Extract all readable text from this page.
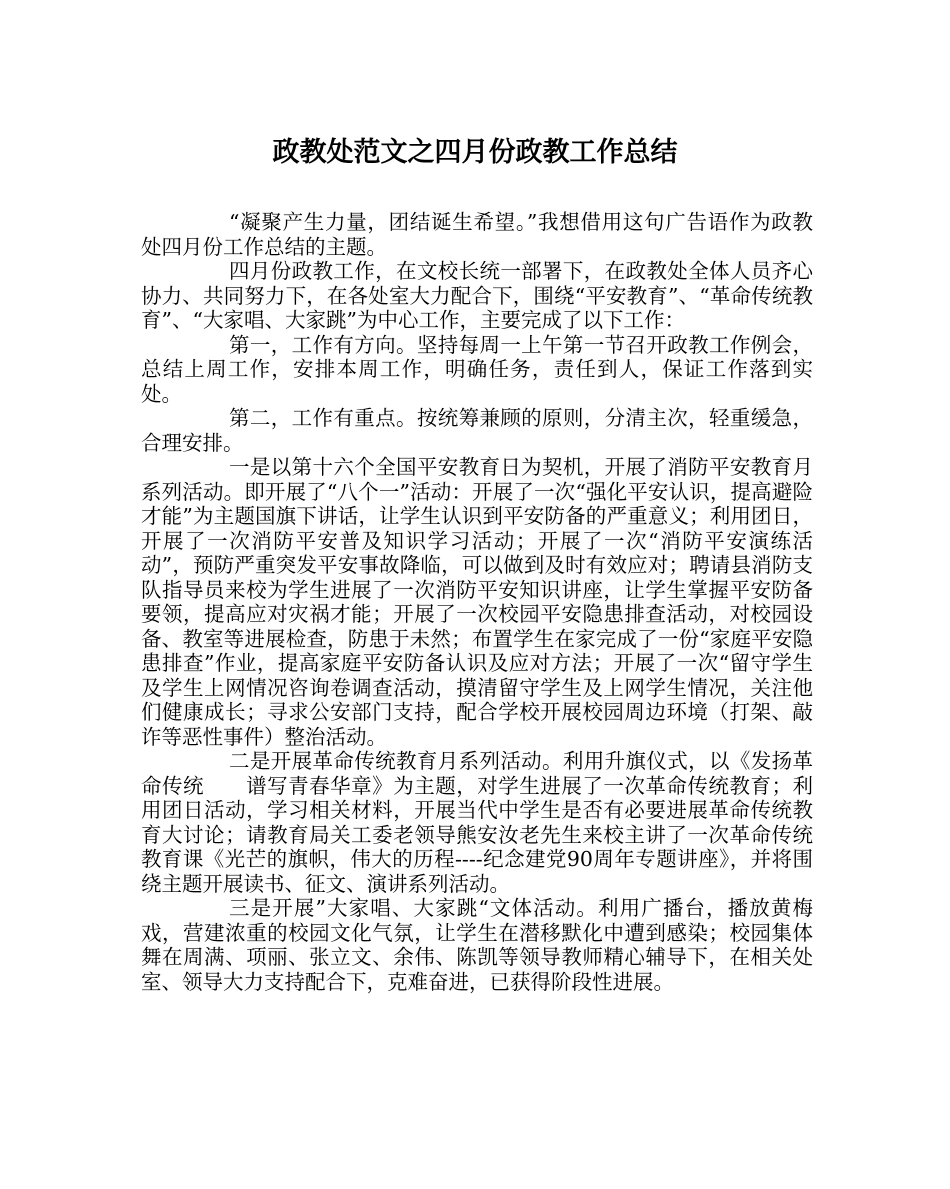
政教处范文之四月份政教工作总结

“凝聚产生力量，团结诞生希望。”我想借用这句广告语作为政教处四月份工作总结的主题。

四月份政教工作，在文校长统一部署下，在政教处全体人员齐心协力、共同努力下，在各处室大力配合下，围绕“平安教育”、“革命传统教育”、“大家唱、大家跳”为中心工作，主要完成了以下工作：

第一，工作有方向。坚持每周一上午第一节召开政教工作例会，总结上周工作，安排本周工作，明确任务，责任到人，保证工作落到实处。

第二，工作有重点。按统筹兼顾的原则，分清主次，轻重缓急，合理安排。

一是以第十六个全国平安教育日为契机，开展了消防平安教育月系列活动。即开展了“八个一”活动：开展了一次“强化平安认识，提高避险才能”为主题国旗下讲话，让学生认识到平安防备的严重意义；利用团日，开展了一次消防平安普及知识学习活动；开展了一次“消防平安演练活动”，预防严重突发平安事故降临，可以做到及时有效应对；聘请县消防支队指导员来校为学生进展了一次消防平安知识讲座，让学生掌握平安防备要领，提高应对灾祸才能；开展了一次校园平安隐患排查活动，对校园设备、教室等进展检查，防患于未然；布置学生在家完成了一份“家庭平安隐患排查”作业，提高家庭平安防备认识及应对方法；开展了一次“留守学生及学生上网情况咨询卷调查活动，摸清留守学生及上网学生情况，关注他们健康成长；寻求公安部门支持，配合学校开展校园周边环境（打架、敲诈等恶性事件）整治活动。

二是开展革命传统教育月系列活动。利用升旗仪式，以《发扬革命传统　　谱写青春华章》为主题，对学生进展了一次革命传统教育；利用团日活动，学习相关材料，开展当代中学生是否有必要进展革命传统教育大讨论；请教育局关工委老领导熊安汝老先生来校主讲了一次革命传统教育课《光芒的旗帜，伟大的历程----纪念建党90周年专题讲座》，并将围绕主题开展读书、征文、演讲系列活动。

三是开展”大家唱、大家跳“文体活动。利用广播台，播放黄梅戏，营建浓重的校园文化气氛，让学生在潜移默化中遭到感染；校园集体舞在周满、项丽、张立文、余伟、陈凯等领导教师精心辅导下，在相关处室、领导大力支持配合下，克难奋进，已获得阶段性进展。
